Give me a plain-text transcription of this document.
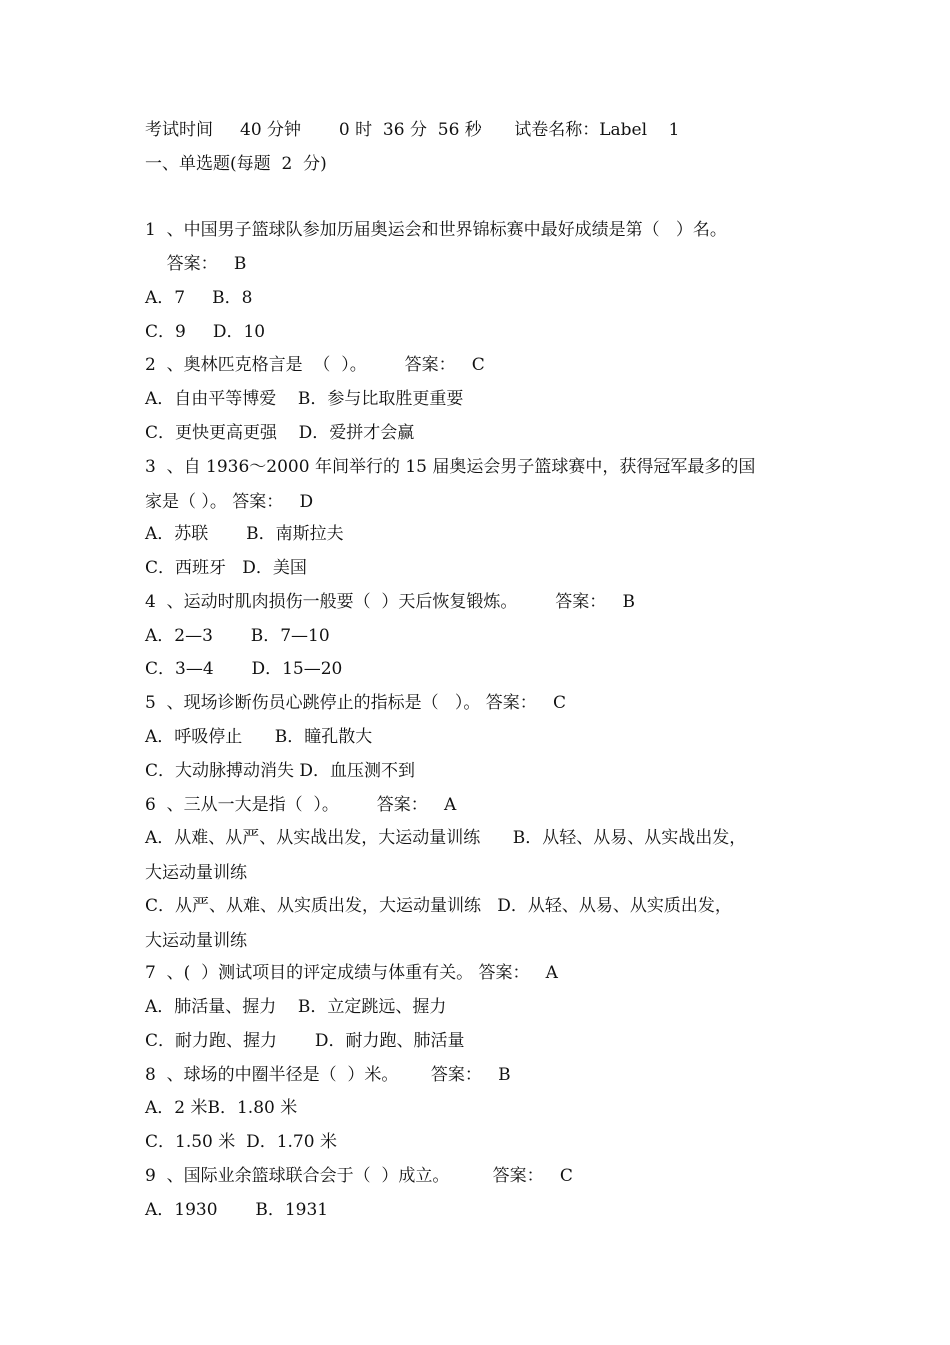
考试时间     40 分钟       0 时  36 分  56 秒      试卷名称：Label    1
一、单选题(每题  2  分)
1  、中国男子篮球队参加历届奥运会和世界锦标赛中最好成绩是第（   ）名。
答案：   B
A．7     B．8
C．9     D．10
2  、奥林匹克格言是  （  ）。       答案：   C
A．自由平等博爱    B．参与比取胜更重要
C．更快更高更强    D．爱拼才会赢
3  、自 1936～2000 年间举行的 15 届奥运会男子篮球赛中，获得冠军最多的国
家是（ ）。 答案：   D
A．苏联       B．南斯拉夫
C．西班牙   D．美国
4  、运动时肌肉损伤一般要（  ）天后恢复锻炼。       答案：   B
A．2—3       B．7—10
C．3—4       D．15—20
5  、现场诊断伤员心跳停止的指标是（   ）。 答案：   C
A．呼吸停止      B．瞳孔散大
C．大动脉搏动消失 D．血压测不到
6  、三从一大是指（  ）。       答案：   A
A．从难、从严、从实战出发，大运动量训练      B．从轻、从易、从实战出发，
大运动量训练
C．从严、从难、从实质出发，大运动量训练   D．从轻、从易、从实质出发，
大运动量训练
7  、(  ）测试项目的评定成绩与体重有关。 答案：   A
A．肺活量、握力    B．立定跳远、握力
C．耐力跑、握力       D．耐力跑、肺活量
8  、球场的中圈半径是（  ）米。      答案：   B
A．2 米B．1.80 米
C．1.50 米  D．1.70 米
9  、国际业余篮球联合会于（  ）成立。        答案：   C
A．1930       B．1931
